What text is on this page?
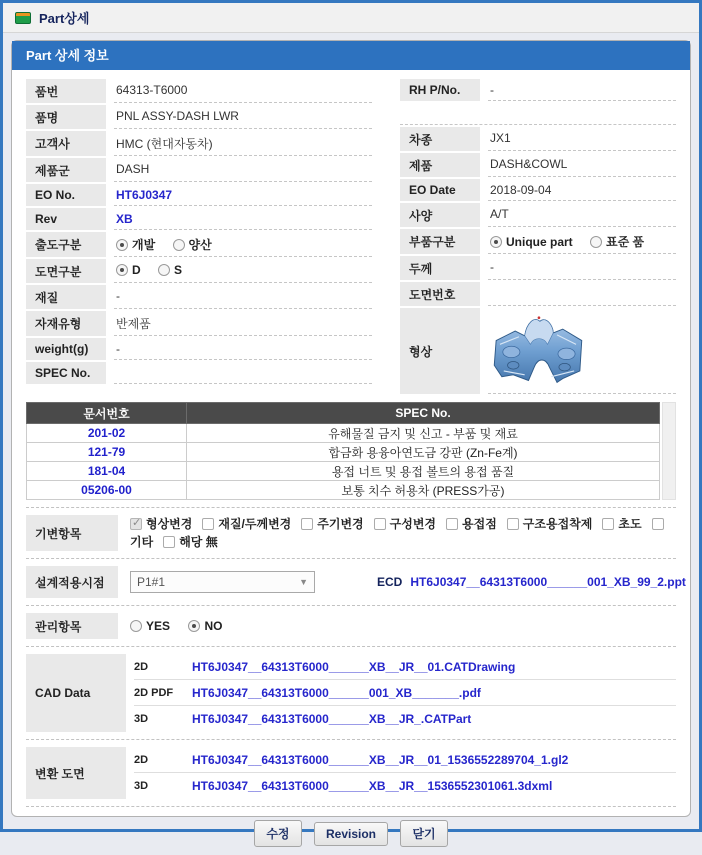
Part상세
Part 상세 정보
품번	64313-T6000
품명	PNL ASSY-DASH LWR
고객사	HMC (현대자동차)
제품군	DASH
EO No.	HT6J0347
Rev	XB
출도구분	개발	양산
도면구분	D	S
재질	-
자재유형	반제품
weight(g)	-
SPEC No.
RH P/No.	-
차종	JX1
제품	DASH&COWL
EO Date	2018-09-04
사양	A/T
부품구분	Unique part	표준 품
두께	-
도면번호
형상
문서번호	SPEC No.
201-02	유해물질 금지 및 신고 - 부품 및 재료
121-79	합금화 용융아연도금 강판 (Zn-Fe계)
181-04	용접 너트 및 용접 볼트의 용접 품질
05206-00	보통 치수 허용차 (PRESS가공)
기변항목
✓형상변경 재질/두께변경 주기변경 구성변경 용접점 구조용접착제 초도기타 해당 無
설계적용시점	P1#1	▼	ECD HT6J0347__64313T6000______001_XB_99_2.ppt
관리항목	YES	NO
CAD Data
2D	HT6J0347__64313T6000______XB__JR__01.CATDrawing
2D PDF	HT6J0347__64313T6000______001_XB_______.pdf
3D	HT6J0347__64313T6000______XB__JR_.CATPart
변환 도면
2D	HT6J0347__64313T6000______XB__JR__01_1536552289704_1.gl2
3D	HT6J0347__64313T6000______XB__JR__1536552301061.3dxml
수정	Revision	닫기
